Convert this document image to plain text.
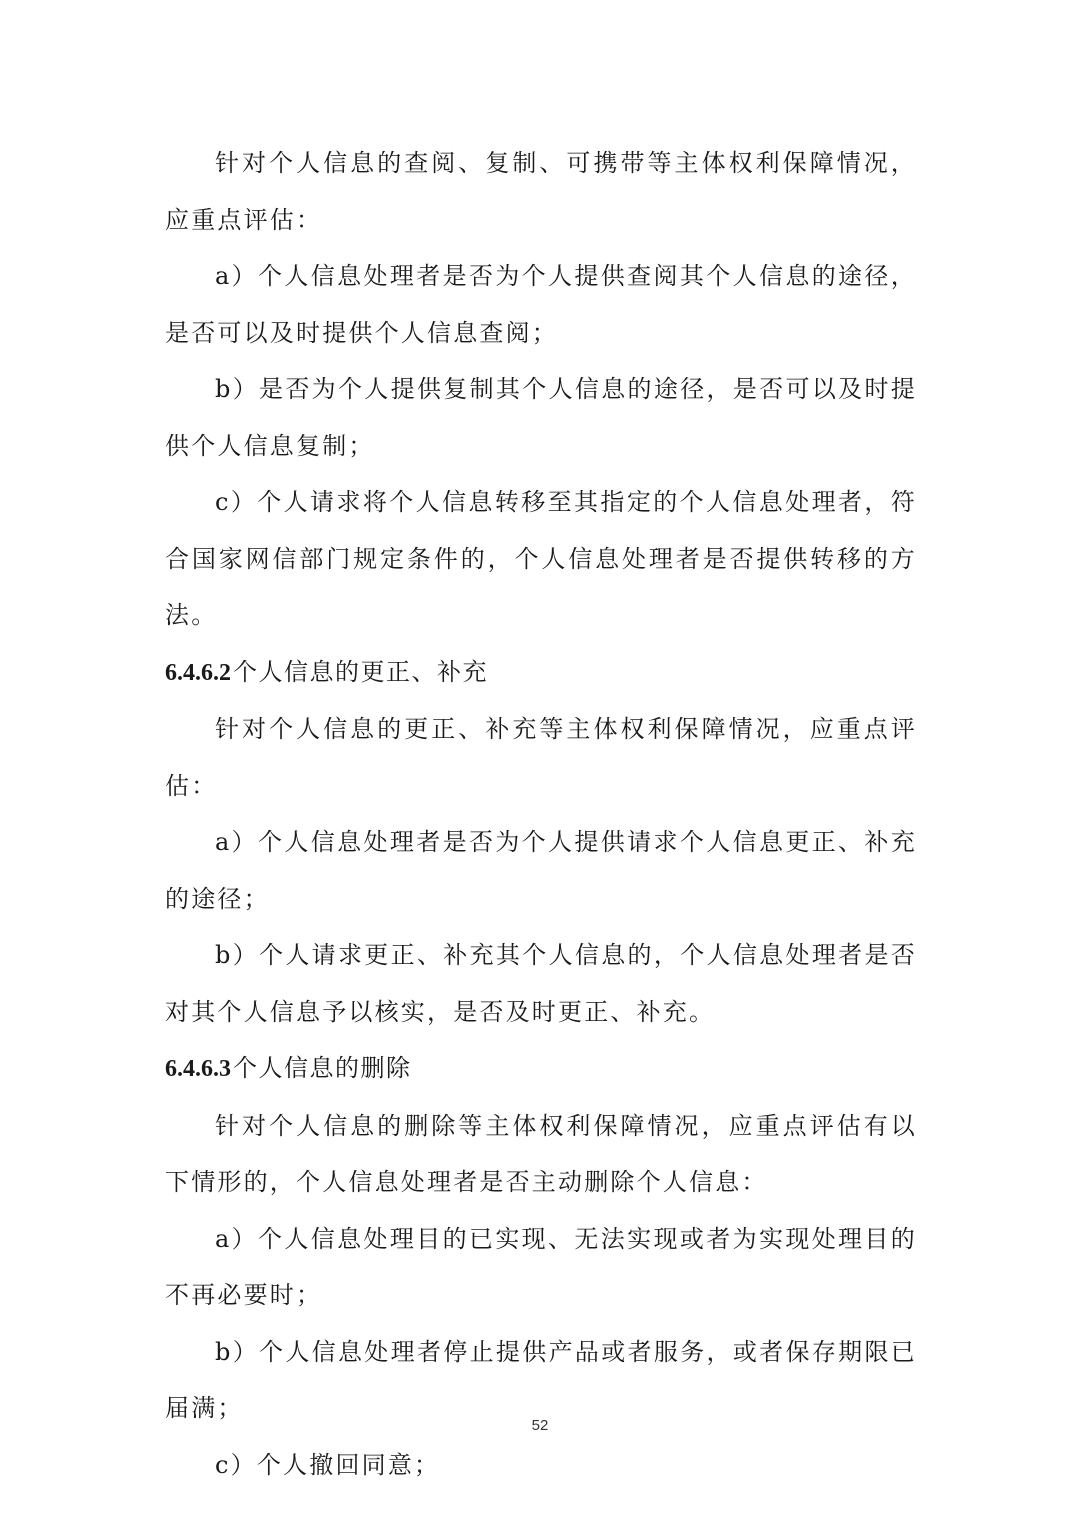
针对个人信息的查阅、复制、可携带等主体权利保障情况，应重点评估：

a）个人信息处理者是否为个人提供查阅其个人信息的途径，是否可以及时提供个人信息查阅；

b）是否为个人提供复制其个人信息的途径，是否可以及时提供个人信息复制；

c）个人请求将个人信息转移至其指定的个人信息处理者，符合国家网信部门规定条件的，个人信息处理者是否提供转移的方法。

6.4.6.2个人信息的更正、补充

针对个人信息的更正、补充等主体权利保障情况，应重点评估：

a）个人信息处理者是否为个人提供请求个人信息更正、补充的途径；

b）个人请求更正、补充其个人信息的，个人信息处理者是否对其个人信息予以核实，是否及时更正、补充。

6.4.6.3个人信息的删除

针对个人信息的删除等主体权利保障情况，应重点评估有以下情形的，个人信息处理者是否主动删除个人信息：

a）个人信息处理目的已实现、无法实现或者为实现处理目的不再必要时；

b）个人信息处理者停止提供产品或者服务，或者保存期限已届满；

c）个人撤回同意；

52
